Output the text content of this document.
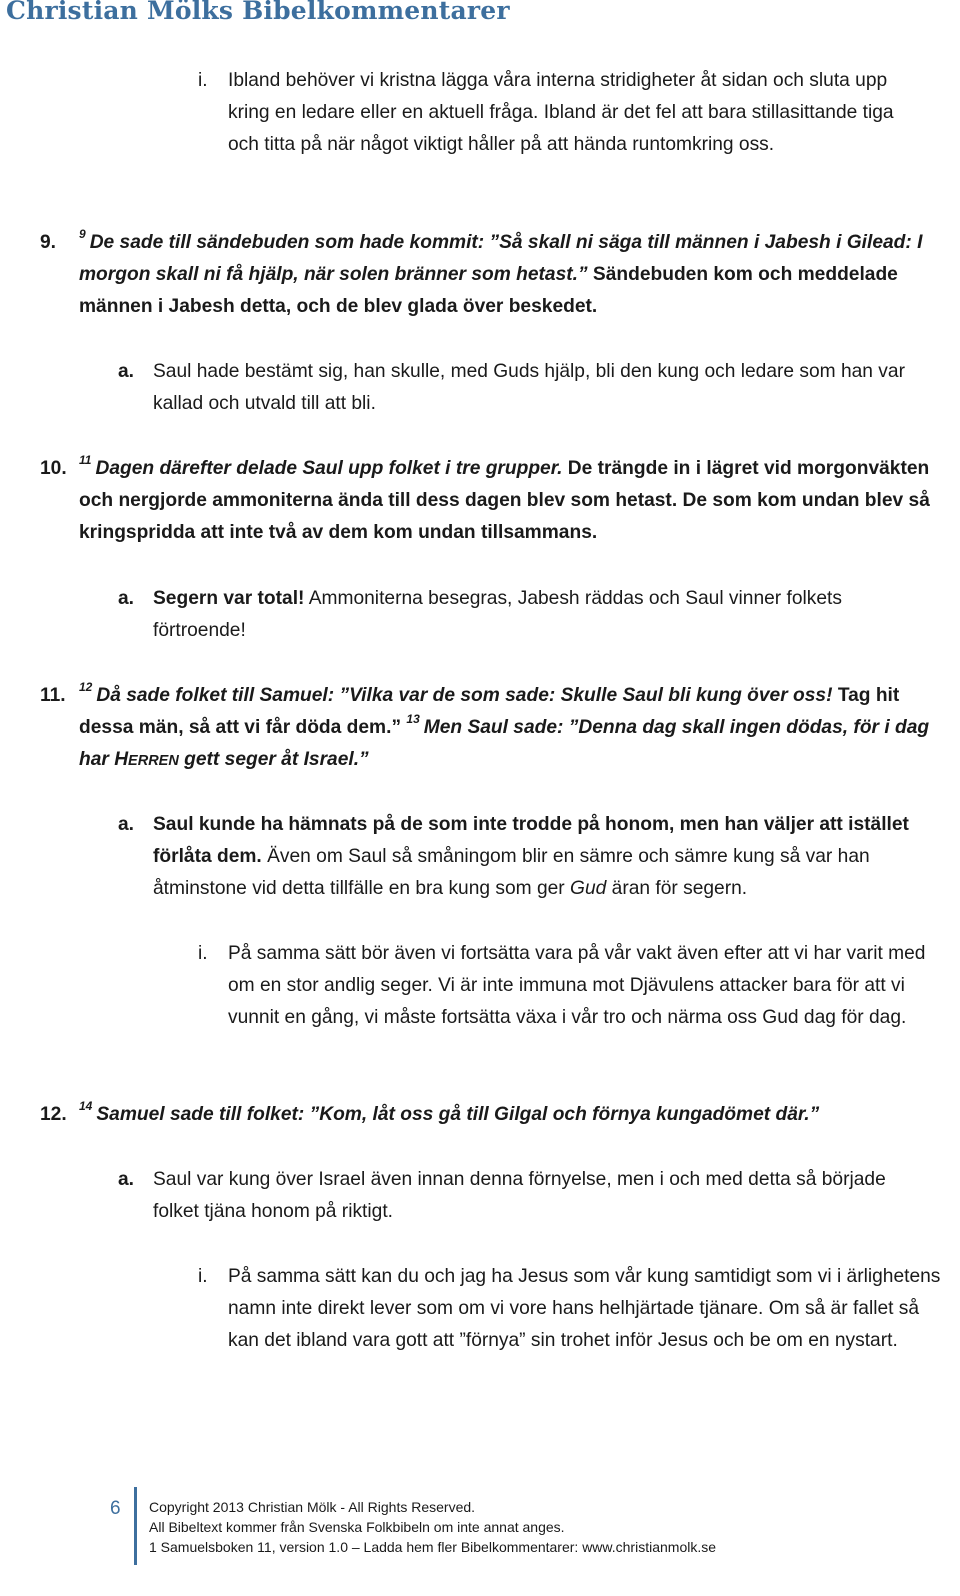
Christian Mölks Bibelkommentarer
i. Ibland behöver vi kristna lägga våra interna stridigheter åt sidan och sluta upp kring en ledare eller en aktuell fråga. Ibland är det fel att bara stillasittande tiga och titta på när något viktigt håller på att hända runtomkring oss.

9. $^9$ De sade till sändebuden som hade kommit: ”Så skall ni säga till männen i Jabesh i Gilead: I morgon skall ni få hjälp, när solen bränner som hetast.” Sändebuden kom och meddelade männen i Jabesh detta, och de blev glada över beskedet.

a. Saul hade bestämt sig, han skulle, med Guds hjälp, bli den kung och ledare som han var kallad och utvald till att bli.

10. $^{11}$ Dagen därefter delade Saul upp folket i tre grupper. De trängde in i lägret vid morgonväkten och nergjorde ammoniterna ända till dess dagen blev som hetast. De som kom undan blev så kringspridda att inte två av dem kom undan tillsammans.

a. Segern var total! Ammoniterna besegras, Jabesh räddas och Saul vinner folkets förtroende!

11. $^{12}$ Då sade folket till Samuel: ”Vilka var de som sade: Skulle Saul bli kung över oss! Tag hit dessa män, så att vi får döda dem.” $^{13}$ Men Saul sade: ”Denna dag skall ingen dödas, för i dag har HERREN gett seger åt Israel.”

a. Saul kunde ha hämnats på de som inte trodde på honom, men han väljer att istället förlåta dem. Även om Saul så småningom blir en sämre och sämre kung så var han åtminstone vid detta tillfälle en bra kung som ger Gud äran för segern.

i. På samma sätt bör även vi fortsätta vara på vår vakt även efter att vi har varit med om en stor andlig seger. Vi är inte immuna mot Djävulens attacker bara för att vi vunnit en gång, vi måste fortsätta växa i vår tro och närma oss Gud dag för dag.

12. $^{14}$ Samuel sade till folket: ”Kom, låt oss gå till Gilgal och förnya kungadömet där.”

a. Saul var kung över Israel även innan denna förnyelse, men i och med detta så började folket tjäna honom på riktigt.

i. På samma sätt kan du och jag ha Jesus som vår kung samtidigt som vi i ärlighetens namn inte direkt lever som om vi vore hans helhjärtade tjänare. Om så är fallet så kan det ibland vara gott att ”förnya” sin trohet inför Jesus och be om en nystart.

6 Copyright 2013 Christian Mölk - All Rights Reserved.
All Bibeltext kommer från Svenska Folkbibeln om inte annat anges.
1 Samuelsboken 11, version 1.0 – Ladda hem fler Bibelkommentarer: www.christianmolk.se
